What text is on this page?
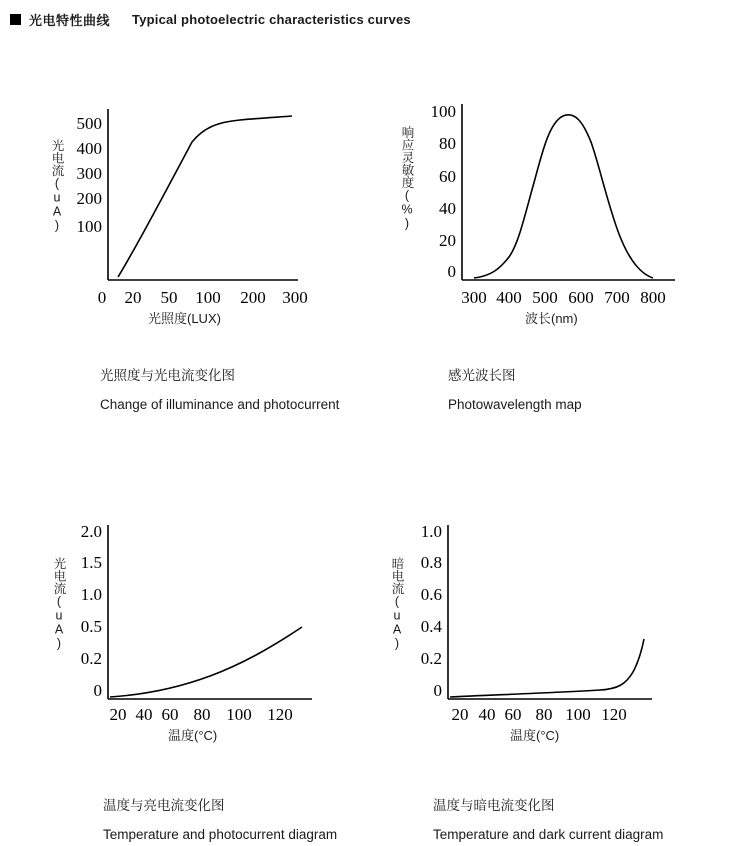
光电特性曲线 Typical photoelectric characteristics curves
500
400
300
200
100
0 20 50 100 200 300
光电流(uA)
光照度(LUX)
光照度与光电流变化图
Change of illuminance and photocurrent
100
80
60
40
20
0
300 400 500 600 700 800
响应灵敏度(%)
波长(nm)
感光波长图
Photowavelength map
2.0
1.5
1.0
0.5
0.2
0
20 40 60 80 100 120
光电流(uA)
温度(°C)
温度与亮电流变化图
Temperature and photocurrent diagram
1.0
0.8
0.6
0.4
0.2
0
20 40 60 80 100 120
暗电流(uA)
温度(°C)
温度与暗电流变化图
Temperature and dark current diagram
